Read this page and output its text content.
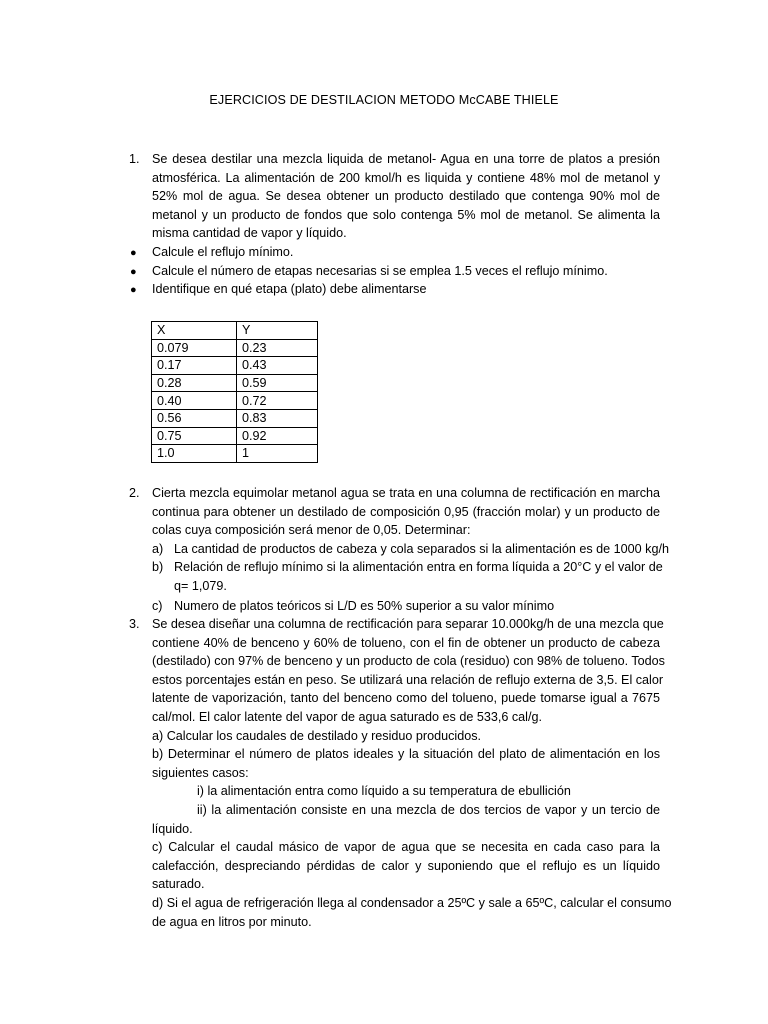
EJERCICIOS DE DESTILACION METODO McCABE THIELE
1. Se desea destilar una mezcla liquida de metanol- Agua en una torre de platos a presión
atmosférica. La alimentación de 200 kmol/h es liquida y contiene 48% mol de metanol y
52% mol de agua. Se desea obtener un producto destilado que contenga 90% mol de
metanol y un producto de fondos que solo contenga 5% mol de metanol. Se alimenta la
misma cantidad de vapor y líquido.
● Calcule el reflujo mínimo.
● Calcule el número de etapas necesarias si se emplea 1.5 veces el reflujo mínimo.
● Identifique en qué etapa (plato) debe alimentarse
X	Y
0.079	0.23
0.17	0.43
0.28	0.59
0.40	0.72
0.56	0.83
0.75	0.92
1.0	1
2. Cierta mezcla equimolar metanol agua se trata en una columna de rectificación en marcha
continua para obtener un destilado de composición 0,95 (fracción molar) y un producto de
colas cuya composición será menor de 0,05. Determinar:
a) La cantidad de productos de cabeza y cola separados si la alimentación es de 1000 kg/h
b) Relación de reflujo mínimo si la alimentación entra en forma líquida a 20°C y el valor de
q= 1,079.
c) Numero de platos teóricos si L/D es 50% superior a su valor mínimo
3. Se desea diseñar una columna de rectificación para separar 10.000kg/h de una mezcla que
contiene 40% de benceno y 60% de tolueno, con el fin de obtener un producto de cabeza
(destilado) con 97% de benceno y un producto de cola (residuo) con 98% de tolueno. Todos
estos porcentajes están en peso. Se utilizará una relación de reflujo externa de 3,5. El calor
latente de vaporización, tanto del benceno como del tolueno, puede tomarse igual a 7675
cal/mol. El calor latente del vapor de agua saturado es de 533,6 cal/g.
a) Calcular los caudales de destilado y residuo producidos.
b) Determinar el número de platos ideales y la situación del plato de alimentación en los
siguientes casos:
i) la alimentación entra como líquido a su temperatura de ebullición
ii) la alimentación consiste en una mezcla de dos tercios de vapor y un tercio de
líquido.
c) Calcular el caudal másico de vapor de agua que se necesita en cada caso para la
calefacción, despreciando pérdidas de calor y suponiendo que el reflujo es un líquido
saturado.
d) Si el agua de refrigeración llega al condensador a 25ºC y sale a 65ºC, calcular el consumo
de agua en litros por minuto.
